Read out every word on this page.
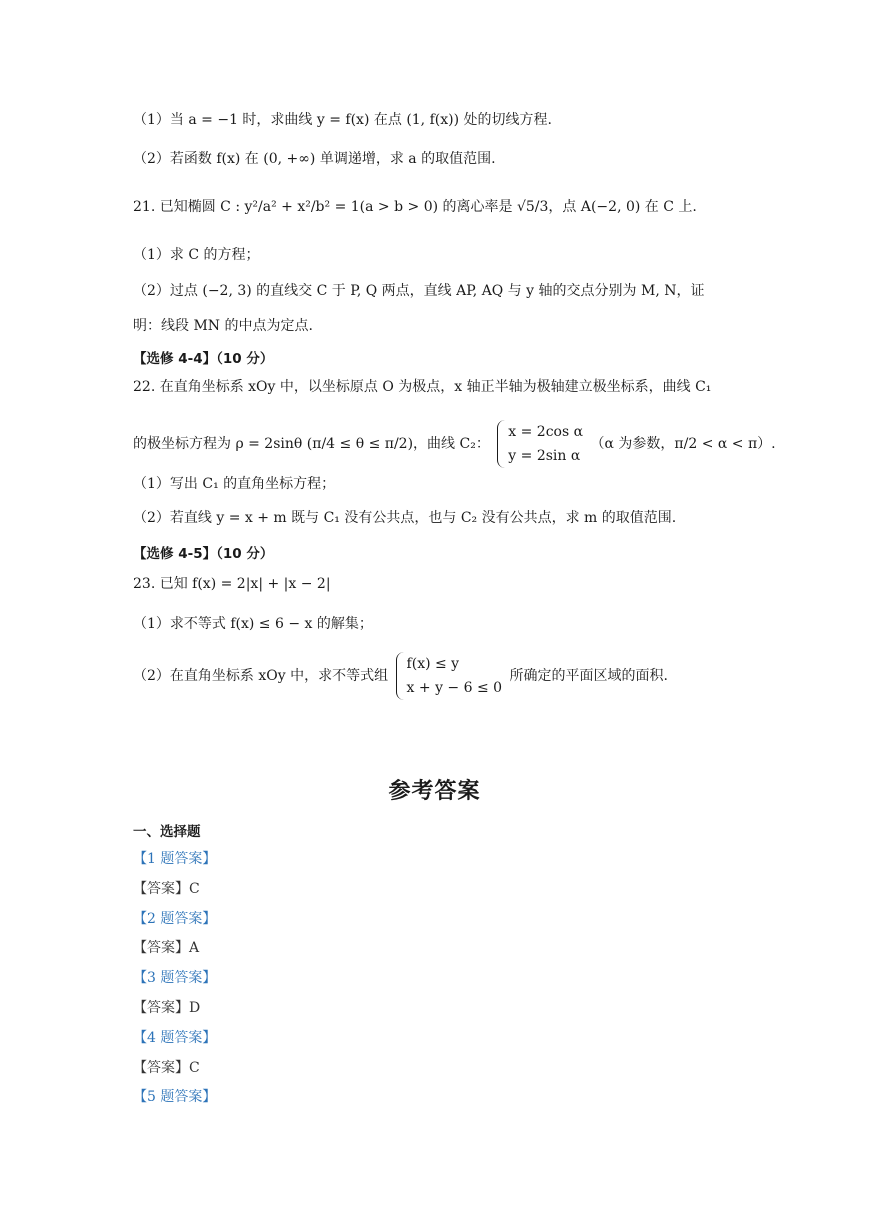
（1）当 a = −1 时，求曲线 y = f(x) 在点 (1, f(x)) 处的切线方程.
（2）若函数 f(x) 在 (0, +∞) 单调递增，求 a 的取值范围.
21. 已知椭圆 C : y²/a² + x²/b² = 1(a > b > 0) 的离心率是 √5/3，点 A(−2, 0) 在 C 上.
（1）求 C 的方程；
（2）过点 (−2, 3) 的直线交 C 于 P, Q 两点，直线 AP, AQ 与 y 轴的交点分别为 M, N，证
明：线段 MN 的中点为定点.
【选修 4-4】（10 分）
22. 在直角坐标系 xOy 中，以坐标原点 O 为极点，x 轴正半轴为极轴建立极坐标系，曲线 C₁
的极坐标方程为 ρ = 2sinθ (π/4 ≤ θ ≤ π/2)，曲线 C₂：
x = 2cos α
y = 2sin α
（α 为参数，π/2 < α < π）.
（1）写出 C₁ 的直角坐标方程；
（2）若直线 y = x + m 既与 C₁ 没有公共点，也与 C₂ 没有公共点，求 m 的取值范围.
【选修 4-5】（10 分）
23. 已知 f(x) = 2|x| + |x − 2|
（1）求不等式 f(x) ≤ 6 − x 的解集；
（2）在直角坐标系 xOy 中，求不等式组
f(x) ≤ y
x + y − 6 ≤ 0
所确定的平面区域的面积.
参考答案
一、选择题
【1 题答案】
【答案】C
【2 题答案】
【答案】A
【3 题答案】
【答案】D
【4 题答案】
【答案】C
【5 题答案】
